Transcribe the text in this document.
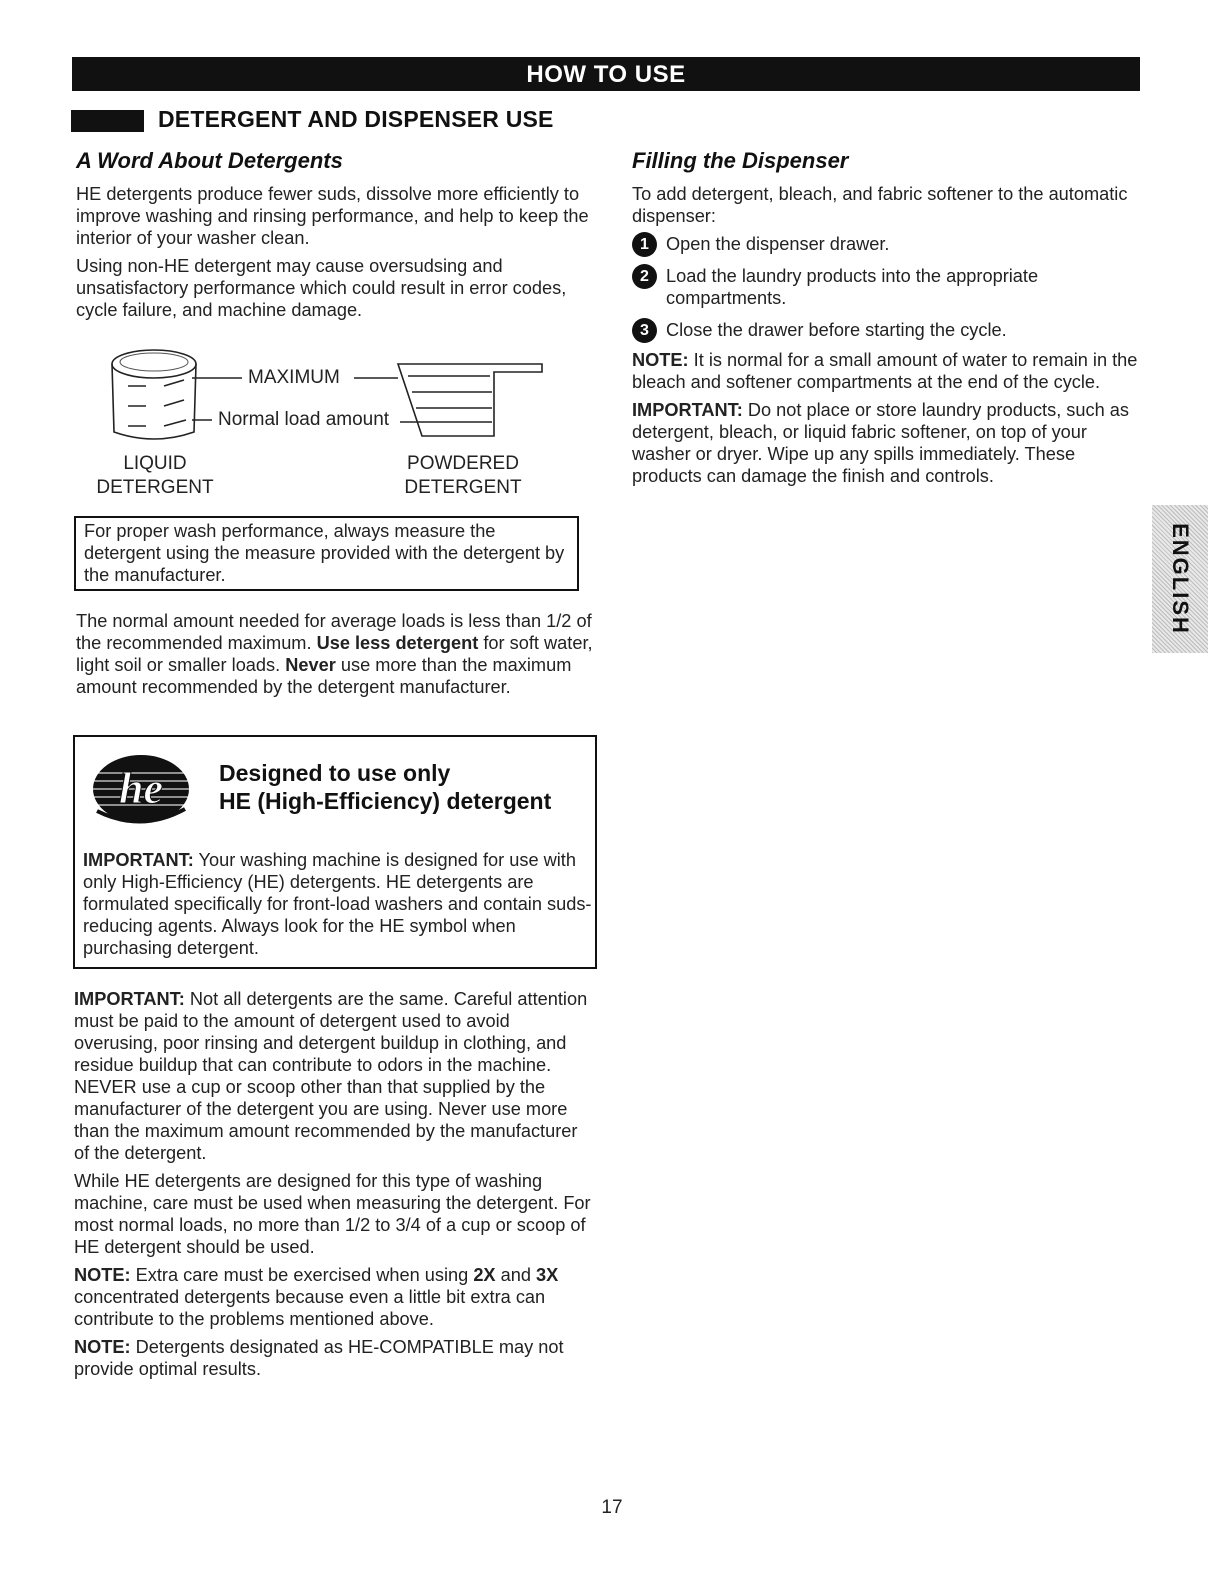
HOW TO USE
DETERGENT AND DISPENSER USE
A Word About Detergents

HE detergents produce fewer suds, dissolve more efficiently to improve washing and rinsing performance, and help to keep the interior of your washer clean.

Using non-HE detergent may cause oversudsing and unsatisfactory performance which could result in error codes, cycle failure, and machine damage.

MAXIMUM
Normal load amount
LIQUID
DETERGENT
POWDERED
DETERGENT

For proper wash performance, always measure the detergent using the measure provided with the detergent by the manufacturer.

The normal amount needed for average loads is less than 1/2 of the recommended maximum. Use less detergent for soft water, light soil or smaller loads. Never use more than the maximum amount recommended by the detergent manufacturer.

he Designed to use only
HE (High-Efficiency) detergent

IMPORTANT: Your washing machine is designed for use with only High-Efficiency (HE) detergents. HE detergents are formulated specifically for front-load washers and contain suds-reducing agents. Always look for the HE symbol when purchasing detergent.

IMPORTANT: Not all detergents are the same. Careful attention must be paid to the amount of detergent used to avoid overusing, poor rinsing and detergent buildup in clothing, and residue buildup that can contribute to odors in the machine. NEVER use a cup or scoop other than that supplied by the manufacturer of the detergent you are using. Never use more than the maximum amount recommended by the manufacturer of the detergent.

While HE detergents are designed for this type of washing machine, care must be used when measuring the detergent. For most normal loads, no more than 1/2 to 3/4 of a cup or scoop of HE detergent should be used.

NOTE: Extra care must be exercised when using 2X and 3X concentrated detergents because even a little bit extra can contribute to the problems mentioned above.

NOTE: Detergents designated as HE-COMPATIBLE may not provide optimal results.

Filling the Dispenser

To add detergent, bleach, and fabric softener to the automatic dispenser:

1 Open the dispenser drawer.
2 Load the laundry products into the appropriate compartments.
3 Close the drawer before starting the cycle.

NOTE: It is normal for a small amount of water to remain in the bleach and softener compartments at the end of the cycle.

IMPORTANT: Do not place or store laundry products, such as detergent, bleach, or liquid fabric softener, on top of your washer or dryer. Wipe up any spills immediately. These products can damage the finish and controls.

ENGLISH
17
